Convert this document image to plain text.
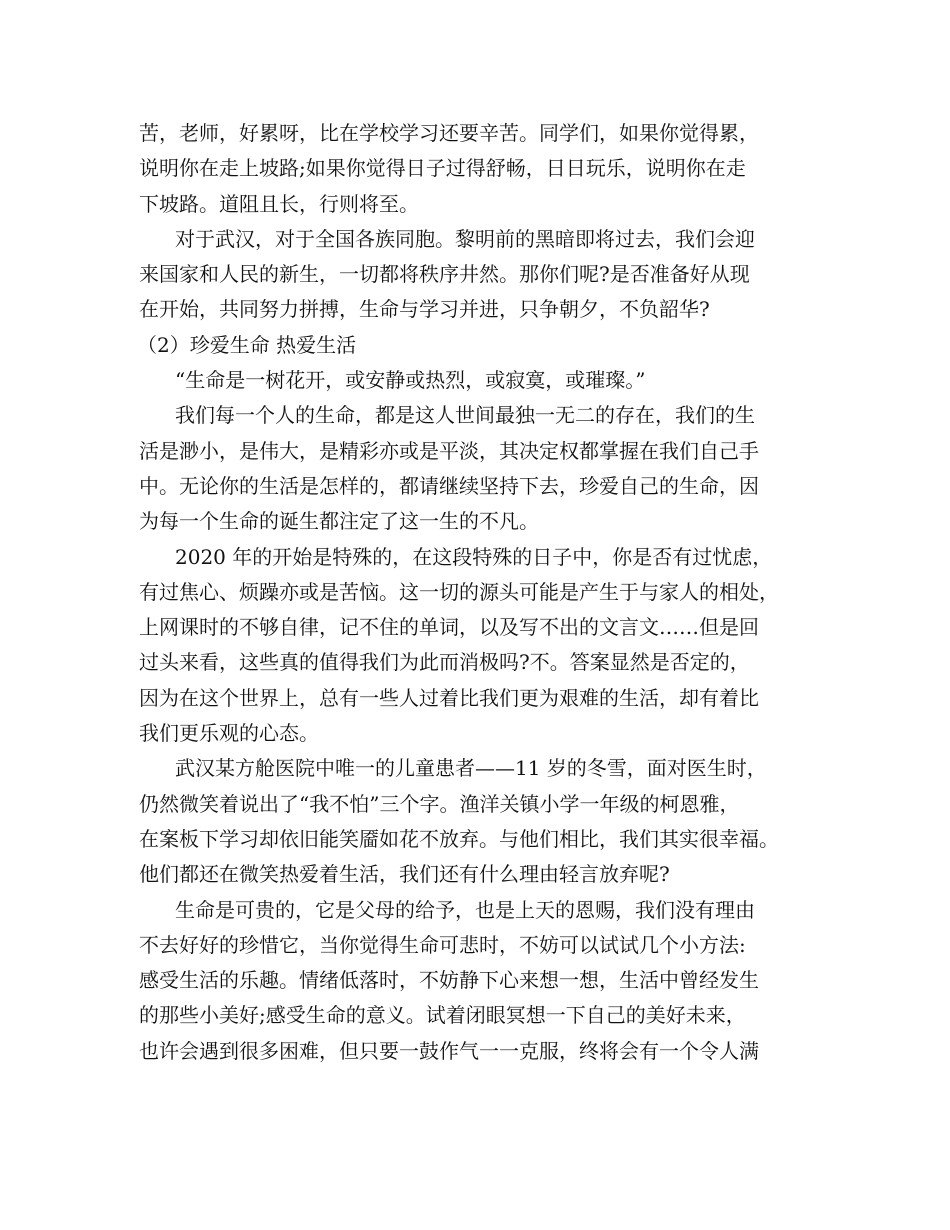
苦，老师，好累呀，比在学校学习还要辛苦。同学们，如果你觉得累，
说明你在走上坡路;如果你觉得日子过得舒畅，日日玩乐，说明你在走
下坡路。道阻且长，行则将至。
对于武汉，对于全国各族同胞。黎明前的黑暗即将过去，我们会迎
来国家和人民的新生，一切都将秩序井然。那你们呢?是否准备好从现
在开始，共同努力拼搏，生命与学习并进，只争朝夕，不负韶华?
（2）珍爱生命 热爱生活
“生命是一树花开，或安静或热烈，或寂寞，或璀璨。”
我们每一个人的生命，都是这人世间最独一无二的存在，我们的生
活是渺小，是伟大，是精彩亦或是平淡，其决定权都掌握在我们自己手
中。无论你的生活是怎样的，都请继续坚持下去，珍爱自己的生命，因
为每一个生命的诞生都注定了这一生的不凡。
2020 年的开始是特殊的，在这段特殊的日子中，你是否有过忧虑，
有过焦心、烦躁亦或是苦恼。这一切的源头可能是产生于与家人的相处，
上网课时的不够自律，记不住的单词，以及写不出的文言文……但是回
过头来看，这些真的值得我们为此而消极吗?不。答案显然是否定的，
因为在这个世界上，总有一些人过着比我们更为艰难的生活，却有着比
我们更乐观的心态。
武汉某方舱医院中唯一的儿童患者——11 岁的冬雪，面对医生时，
仍然微笑着说出了“我不怕”三个字。渔洋关镇小学一年级的柯恩雅，
在案板下学习却依旧能笑靥如花不放弃。与他们相比，我们其实很幸福。
他们都还在微笑热爱着生活，我们还有什么理由轻言放弃呢?
生命是可贵的，它是父母的给予，也是上天的恩赐，我们没有理由
不去好好的珍惜它，当你觉得生命可悲时，不妨可以试试几个小方法:
感受生活的乐趣。情绪低落时，不妨静下心来想一想，生活中曾经发生
的那些小美好;感受生命的意义。试着闭眼冥想一下自己的美好未来，
也许会遇到很多困难，但只要一鼓作气一一克服，终将会有一个令人满
